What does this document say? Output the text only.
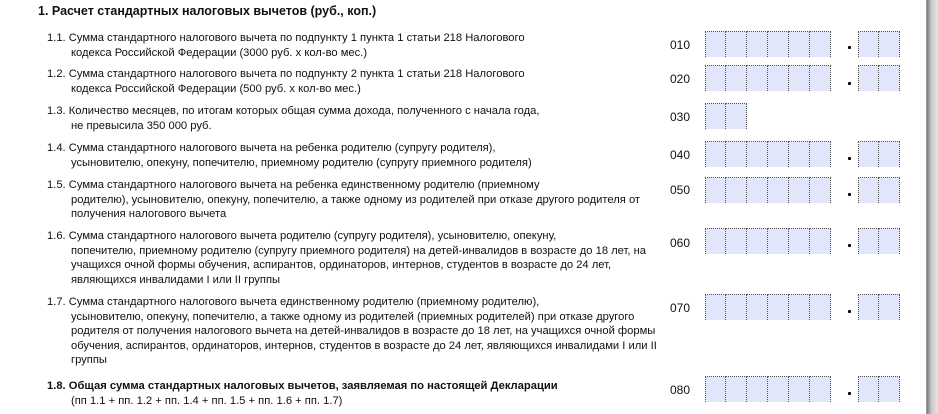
1. Расчет стандартных налоговых вычетов (руб., коп.)
1.1. Сумма стандартного налогового вычета по подпункту 1 пункта 1 статьи 218 Налогового
кодекса Российской Федерации (3000 руб. х кол-во мес.)
010
1.2. Сумма стандартного налогового вычета по подпункту 2 пункта 1 статьи 218 Налогового
кодекса Российской Федерации (500 руб. х кол-во мес.)
020
1.3. Количество месяцев, по итогам которых общая сумма дохода, полученного с начала года,
не превысила 350 000 руб.
030
1.4. Сумма стандартного налогового вычета на ребенка родителю (супругу родителя),
усыновителю, опекуну, попечителю, приемному родителю (супругу приемного родителя)
040
1.5. Сумма стандартного налогового вычета на ребенка единственному родителю (приемному
родителю), усыновителю, опекуну, попечителю, а также одному из родителей при отказе другого родителя от получения налогового вычета
050
1.6. Сумма стандартного налогового вычета родителю (супругу родителя), усыновителю, опекуну,
попечителю, приемному родителю (супругу приемного родителя) на детей-инвалидов в возрасте до 18 лет, на учащихся очной формы обучения, аспирантов, ординаторов, интернов, студентов в возрасте до 24 лет, являющихся инвалидами I или II группы
060
1.7. Сумма стандартного налогового вычета единственному родителю (приемному родителю),
усыновителю, опекуну, попечителю, а также одному из родителей (приемных родителей) при отказе другого родителя от получения налогового вычета на детей-инвалидов в возрасте до 18 лет, на учащихся очной формы обучения, аспирантов, ординаторов, интернов, студентов в возрасте до 24 лет, являющихся инвалидами I или II группы
070
1.8. Общая сумма стандартных налоговых вычетов, заявляемая по настоящей Декларации
(пп 1.1 + пп. 1.2 + пп. 1.4 + пп. 1.5 + пп. 1.6 + пп. 1.7)
080
